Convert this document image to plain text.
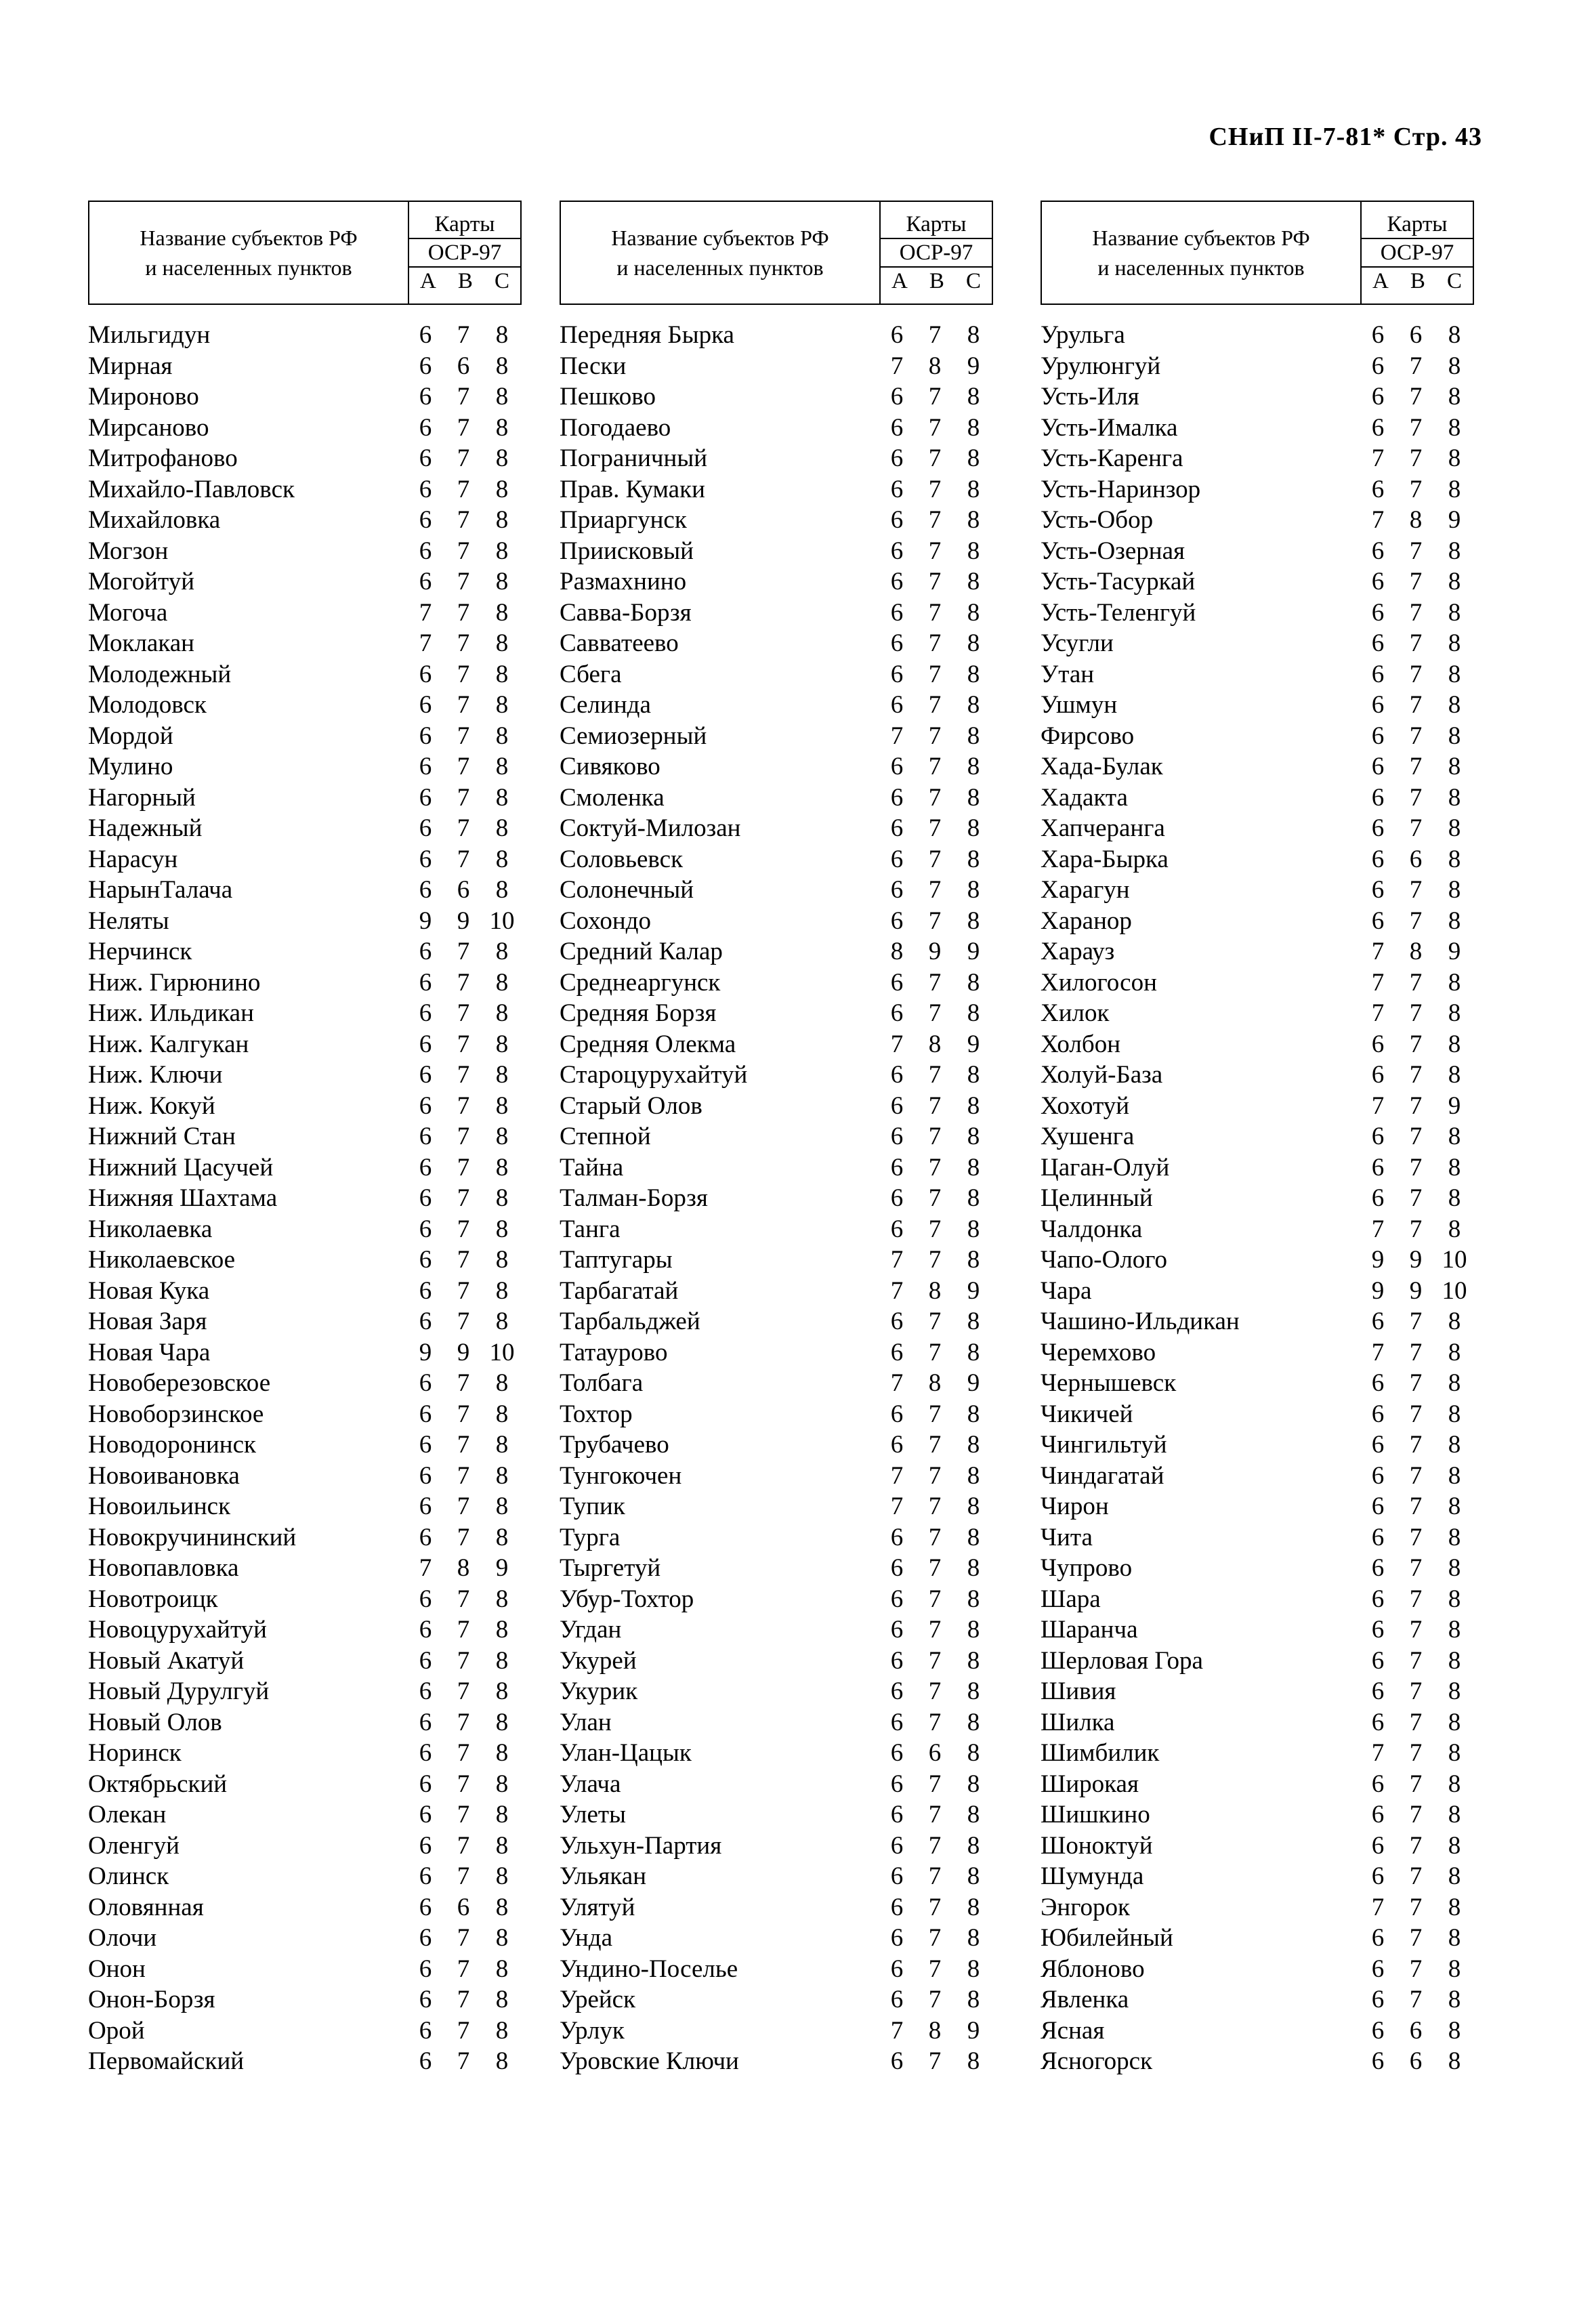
СНиП II-7-81* Стр. 43
Название субъектов РФ
и населенных пунктов
Карты
ОСР-97
А В С
Мильгидун	6	7	8
Мирная	6	6	8
Мироново	6	7	8
Мирсаново	6	7	8
Митрофаново	6	7	8
Михайло-Павловск	6	7	8
Михайловка	6	7	8
Могзон	6	7	8
Могойтуй	6	7	8
Могоча	7	7	8
Моклакан	7	7	8
Молодежный	6	7	8
Молодовск	6	7	8
Мордой	6	7	8
Мулино	6	7	8
Нагорный	6	7	8
Надежный	6	7	8
Нарасун	6	7	8
НарынТалача	6	6	8
Неляты	9	9 10
Нерчинск	6	7	8
Ниж. Гирюнино	6	7	8
Ниж. Ильдикан	6	7	8
Ниж. Калгукан	6	7	8
Ниж. Ключи	6	7	8
Ниж. Кокуй	6	7	8
Нижний Стан	6	7	8
Нижний Цасучей	6	7	8
Нижняя Шахтама	6	7	8
Николаевка	6	7	8
Николаевское	6	7	8
Новая Кука	6	7	8
Новая Заря	6	7	8
Новая Чара	9	9 10
Новоберезовское	6	7	8
Новоборзинское	6	7	8
Новодоронинск	6	7	8
Новоивановка	6	7	8
Новоильинск	6	7	8
Новокручининский	6	7	8
Новопавловка	7	8	9
Новотроицк	6	7	8
Новоцурухайтуй	6	7	8
Новый Акатуй	6	7	8
Новый Дурулгуй	6	7	8
Новый Олов	6	7	8
Норинск	6	7	8
Октябрьский	6	7	8
Олекан	6	7	8
Оленгуй	6	7	8
Олинск	6	7	8
Оловянная	6	6	8
Олочи	6	7	8
Онон	6	7	8
Онон-Борзя	6	7	8
Орой	6	7	8
Первомайский	6	7	8
Название субъектов РФ
и населенных пунктов
Карты
ОСР-97
А В С
Передняя Бырка	6	7	8
Пески	7	8	9
Пешково	6	7	8
Погодаево	6	7	8
Пограничный	6	7	8
Прав. Кумаки	6	7	8
Приаргунск	6	7	8
Приисковый	6	7	8
Размахнино	6	7	8
Савва-Борзя	6	7	8
Савватеево	6	7	8
Сбега	6	7	8
Селинда	6	7	8
Семиозерный	7	7	8
Сивяково	6	7	8
Смоленка	6	7	8
Соктуй-Милозан	6	7	8
Соловьевск	6	7	8
Солонечный	6	7	8
Сохондо	6	7	8
Средний Калар	8	9	9
Среднеаргунск	6	7	8
Средняя Борзя	6	7	8
Средняя Олекма	7	8	9
Староцурухайтуй	6	7	8
Старый Олов	6	7	8
Степной	6	7	8
Тайна	6	7	8
Талман-Борзя	6	7	8
Танга	6	7	8
Таптугары	7	7	8
Тарбагатай	7	8	9
Тарбальджей	6	7	8
Татаурово	6	7	8
Толбага	7	8	9
Тохтор	6	7	8
Трубачево	6	7	8
Тунгокочен	7	7	8
Тупик	7	7	8
Турга	6	7	8
Тыргетуй	6	7	8
Убур-Тохтор	6	7	8
Угдан	6	7	8
Укурей	6	7	8
Укурик	6	7	8
Улан	6	7	8
Улан-Цацык	6	6	8
Улача	6	7	8
Улеты	6	7	8
Ульхун-Партия	6	7	8
Ульякан	6	7	8
Улятуй	6	7	8
Унда	6	7	8
Ундино-Поселье	6	7	8
Урейск	6	7	8
Урлук	7	8	9
Уровские Ключи	6	7	8
Название субъектов РФ
и населенных пунктов
Карты
ОСР-97
А В С
Урульга	6	6	8
Урулюнгуй	6	7	8
Усть-Иля	6	7	8
Усть-Ималка	6	7	8
Усть-Каренга	7	7	8
Усть-Наринзор	6	7	8
Усть-Обор	7	8	9
Усть-Озерная	6	7	8
Усть-Тасуркай	6	7	8
Усть-Теленгуй	6	7	8
Усугли	6	7	8
Утан	6	7	8
Ушмун	6	7	8
Фирсово	6	7	8
Хада-Булак	6	7	8
Хадакта	6	7	8
Хапчеранга	6	7	8
Хара-Бырка	6	6	8
Харагун	6	7	8
Харанор	6	7	8
Харауз	7	8	9
Хилогосон	7	7	8
Хилок	7	7	8
Холбон	6	7	8
Холуй-База	6	7	8
Хохотуй	7	7	9
Хушенга	6	7	8
Цаган-Олуй	6	7	8
Целинный	6	7	8
Чалдонка	7	7	8
Чапо-Олого	9	9 10
Чара	9	9 10
Чашино-Ильдикан	6	7	8
Черемхово	7	7	8
Чернышевск	6	7	8
Чикичей	6	7	8
Чингильтуй	6	7	8
Чиндагатай	6	7	8
Чирон	6	7	8
Чита	6	7	8
Чупрово	6	7	8
Шара	6	7	8
Шаранча	6	7	8
Шерловая Гора	6	7	8
Шивия	6	7	8
Шилка	6	7	8
Шимбилик	7	7	8
Широкая	6	7	8
Шишкино	6	7	8
Шоноктуй	6	7	8
Шумунда	6	7	8
Энгорок	7	7	8
Юбилейный	6	7	8
Яблоново	6	7	8
Явленка	6	7	8
Ясная	6	6	8
Ясногорск	6	6	8
